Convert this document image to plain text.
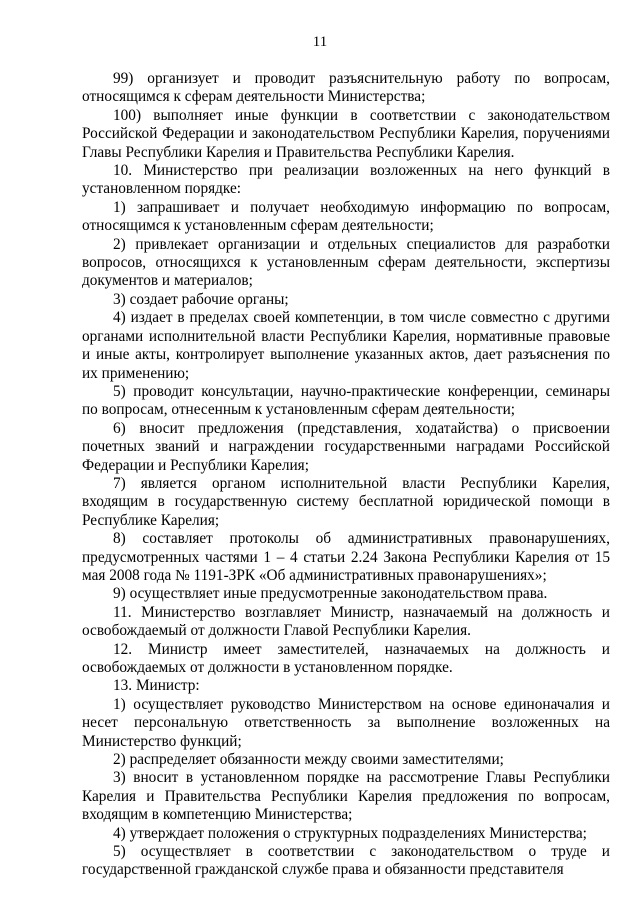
11

99) организует и проводит разъяснительную работу по вопросам, относящимся к сферам деятельности Министерства;

100) выполняет иные функции в соответствии с законодательством Российской Федерации и законодательством Республики Карелия, поручениями Главы Республики Карелия и Правительства Республики Карелия.

10. Министерство при реализации возложенных на него функций в установленном порядке:

1) запрашивает и получает необходимую информацию по вопросам, относящимся к установленным сферам деятельности;

2) привлекает организации и отдельных специалистов для разработки вопросов, относящихся к установленным сферам деятельности, экспертизы документов и материалов;

3) создает рабочие органы;

4) издает в пределах своей компетенции, в том числе совместно с другими органами исполнительной власти Республики Карелия, нормативные правовые и иные акты, контролирует выполнение указанных актов, дает разъяснения по их применению;

5) проводит консультации, научно-практические конференции, семинары по вопросам, отнесенным к установленным сферам деятельности;

6) вносит предложения (представления, ходатайства) о присвоении почетных званий и награждении государственными наградами Российской Федерации и Республики Карелия;

7) является органом исполнительной власти Республики Карелия, входящим в государственную систему бесплатной юридической помощи в Республике Карелия;

8) составляет протоколы об административных правонарушениях, предусмотренных частями 1 – 4 статьи 2.24 Закона Республики Карелия от 15 мая 2008 года № 1191-ЗРК «Об административных правонарушениях»;

9) осуществляет иные предусмотренные законодательством права.

11. Министерство возглавляет Министр, назначаемый на должность и освобождаемый от должности Главой Республики Карелия.

12. Министр имеет заместителей, назначаемых на должность и освобождаемых от должности в установленном порядке.

13. Министр:

1) осуществляет руководство Министерством на основе единоначалия и несет персональную ответственность за выполнение возложенных на Министерство функций;

2) распределяет обязанности между своими заместителями;

3) вносит в установленном порядке на рассмотрение Главы Республики Карелия и Правительства Республики Карелия предложения по вопросам, входящим в компетенцию Министерства;

4) утверждает положения о структурных подразделениях Министерства;

5) осуществляет в соответствии с законодательством о труде и государственной гражданской службе права и обязанности представителя
